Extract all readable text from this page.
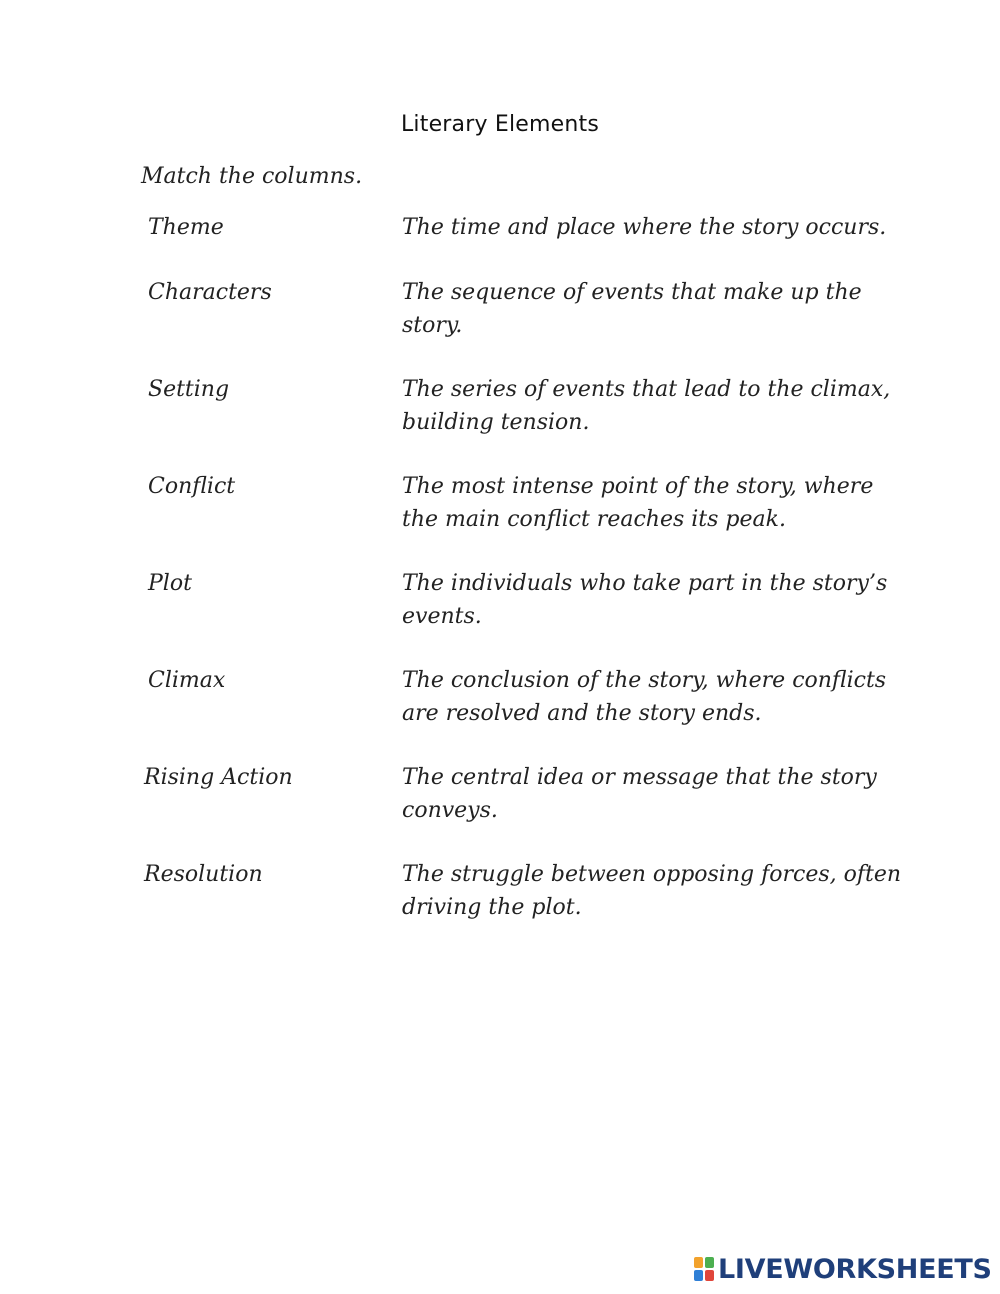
Literary Elements
Match the columns.
Theme	The time and place where the story occurs.
Characters	The sequence of events that make up the story.
Setting	The series of events that lead to the climax, building tension.
Conflict	The most intense point of the story, where the main conflict reaches its peak.
Plot	The individuals who take part in the story’s events.
Climax	The conclusion of the story, where conflicts are resolved and the story ends.
Rising Action	The central idea or message that the story conveys.
Resolution	The struggle between opposing forces, often driving the plot.
LIVEWORKSHEETS
